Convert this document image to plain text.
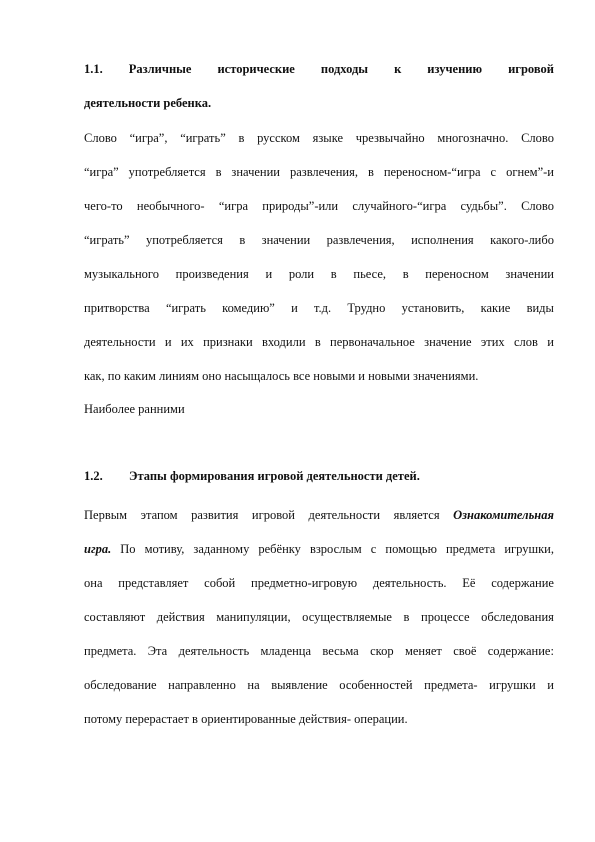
1.1. Различные исторические подходы к изучению игровой
деятельности ребенка.
Слово “игра”, “играть” в русском языке чрезвычайно многозначно. Слово
“игра” употребляется в значении развлечения, в переносном-“игра с огнем”-и
чего-то необычного- “игра природы”-или случайного-“игра судьбы”. Слово
“играть” употребляется в значении развлечения, исполнения какого-либо
музыкального произведения и роли в пьесе, в переносном значении
притворства “играть комедию” и т.д. Трудно установить, какие виды
деятельности и их признаки входили в первоначальное значение этих слов и
как, по каким линиям оно насыщалось все новыми и новыми значениями.
Наиболее ранними
1.2. Этапы формирования игровой деятельности детей.
Первым этапом развития игровой деятельности является Ознакомительная
игра. По мотиву, заданному ребёнку взрослым с помощью предмета игрушки,
она представляет собой предметно-игровую деятельность. Её содержание
составляют действия манипуляции, осуществляемые в процессе обследования
предмета. Эта деятельность младенца весьма скор меняет своё содержание:
обследование направленно на выявление особенностей предмета- игрушки и
потому перерастает в ориентированные действия- операции.
